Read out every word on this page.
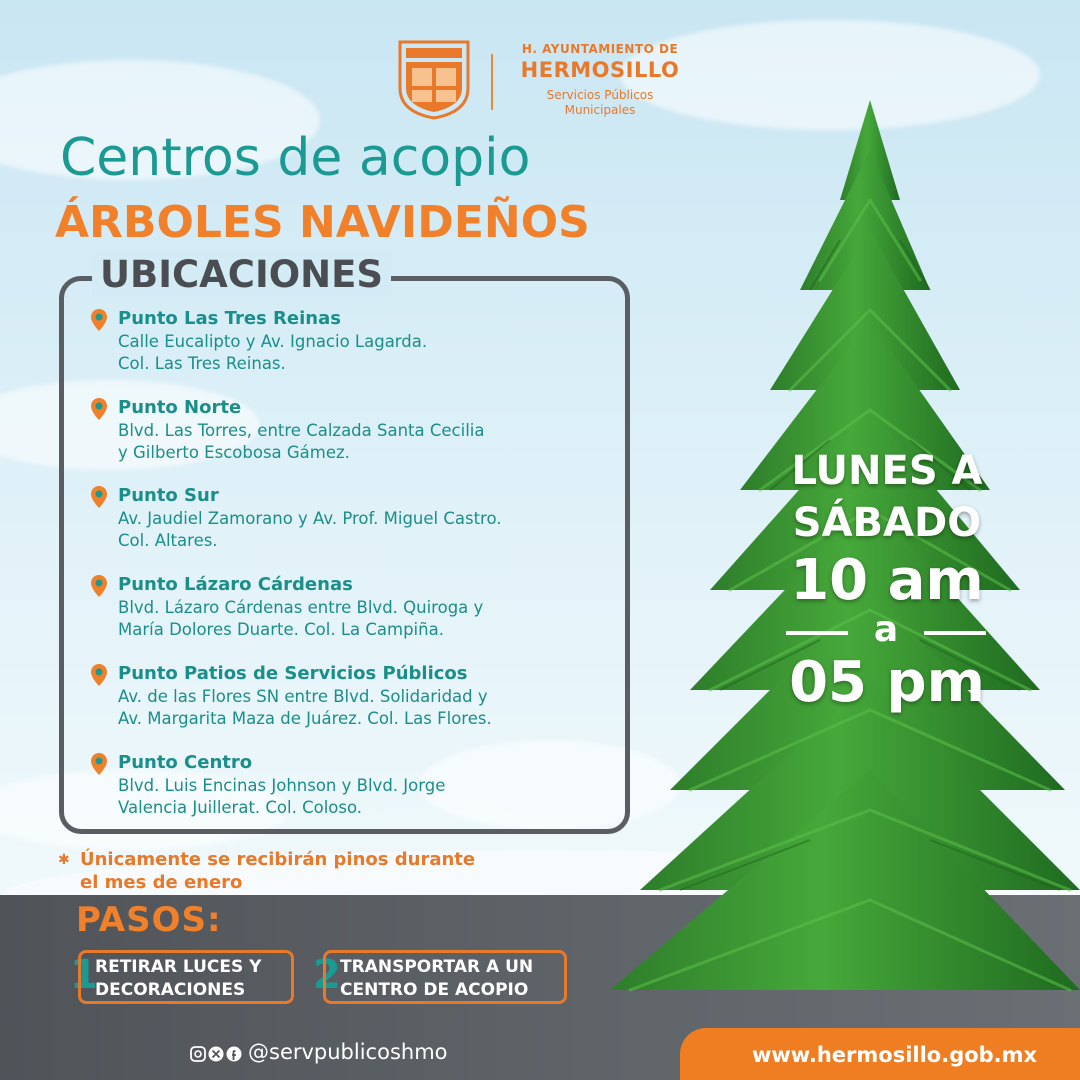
H. AYUNTAMIENTO DE
HERMOSILLO
Servicios Públicos
Municipales
Centros de acopio
ÁRBOLES NAVIDEÑOS
UBICACIONES
Punto Las Tres Reinas
Calle Eucalipto y Av. Ignacio Lagarda.
Col. Las Tres Reinas.
Punto Norte
Blvd. Las Torres, entre Calzada Santa Cecilia
y Gilberto Escobosa Gámez.
Punto Sur
Av. Jaudiel Zamorano y Av. Prof. Miguel Castro.
Col. Altares.
Punto Lázaro Cárdenas
Blvd. Lázaro Cárdenas entre Blvd. Quiroga y
María Dolores Duarte. Col. La Campiña.
Punto Patios de Servicios Públicos
Av. de las Flores SN entre Blvd. Solidaridad y
Av. Margarita Maza de Juárez. Col. Las Flores.
Punto Centro
Blvd. Luis Encinas Johnson y Blvd. Jorge
Valencia Juillerat. Col. Coloso.
✱ Únicamente se recibirán pinos durante
el mes de enero
PASOS:
1
RETIRAR LUCES Y
DECORACIONES	2 TRANSPORTAR A UN
CENTRO DE ACOPIO
LUNES A
SÁBADO
10 am
a
05 pm
@servpublicoshmo	www.hermosillo.gob.mx
